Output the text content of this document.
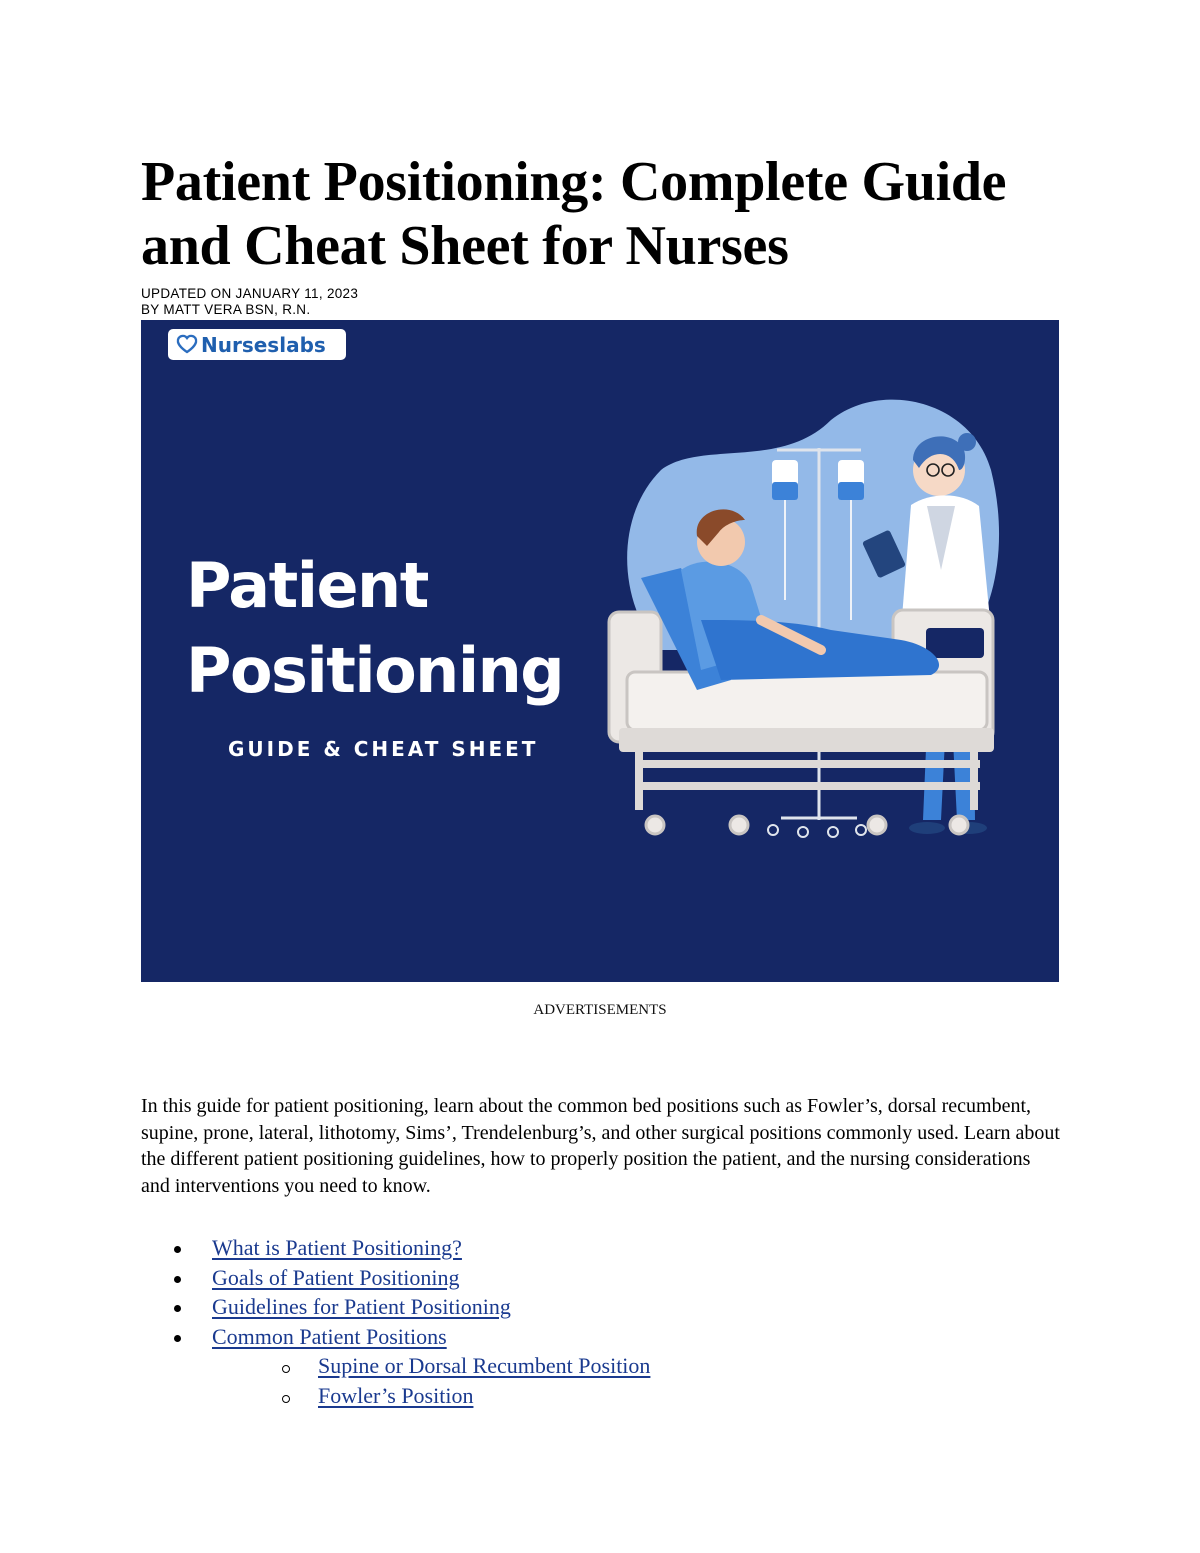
Patient Positioning: Complete Guide and Cheat Sheet for Nurses
UPDATED ON JANUARY 11, 2023
BY MATT VERA BSN, R.N.
Nurseslabs
Patient
Positioning
GUIDE & CHEAT SHEET
ADVERTISEMENTS

In this guide for patient positioning, learn about the common bed positions such as Fowler’s, dorsal recumbent, supine, prone, lateral, lithotomy, Sims’, Trendelenburg’s, and other surgical positions commonly used. Learn about the different patient positioning guidelines, how to properly position the patient, and the nursing considerations and interventions you need to know.

What is Patient Positioning?
Goals of Patient Positioning
Guidelines for Patient Positioning
Common Patient Positions
Supine or Dorsal Recumbent Position
Fowler’s Position
